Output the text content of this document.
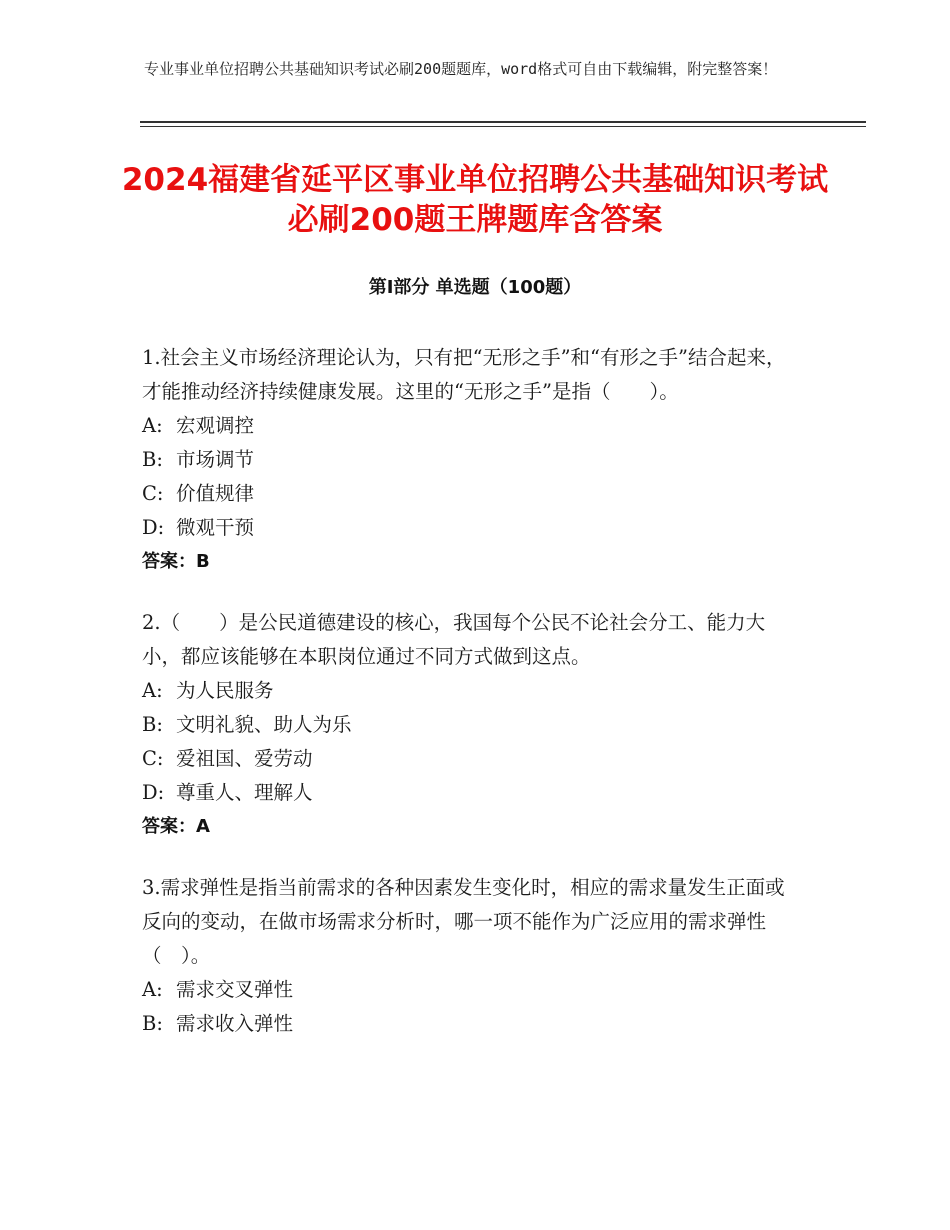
专业事业单位招聘公共基础知识考试必刷200题题库，word格式可自由下载编辑，附完整答案！
2024福建省延平区事业单位招聘公共基础知识考试必刷200题王牌题库含答案
第Ⅰ部分 单选题（100题）

1.社会主义市场经济理论认为，只有把“无形之手”和“有形之手”结合起来，才能推动经济持续健康发展。这里的“无形之手”是指（　　）。

A: 宏观调控

B: 市场调节

C: 价值规律

D: 微观干预

答案：B

2.（　　）是公民道德建设的核心，我国每个公民不论社会分工、能力大小，都应该能够在本职岗位通过不同方式做到这点。

A: 为人民服务

B: 文明礼貌、助人为乐

C: 爱祖国、爱劳动

D: 尊重人、理解人

答案：A

3.需求弹性是指当前需求的各种因素发生变化时，相应的需求量发生正面或反向的变动，在做市场需求分析时，哪一项不能作为广泛应用的需求弹性（　）。

A: 需求交叉弹性

B: 需求收入弹性
